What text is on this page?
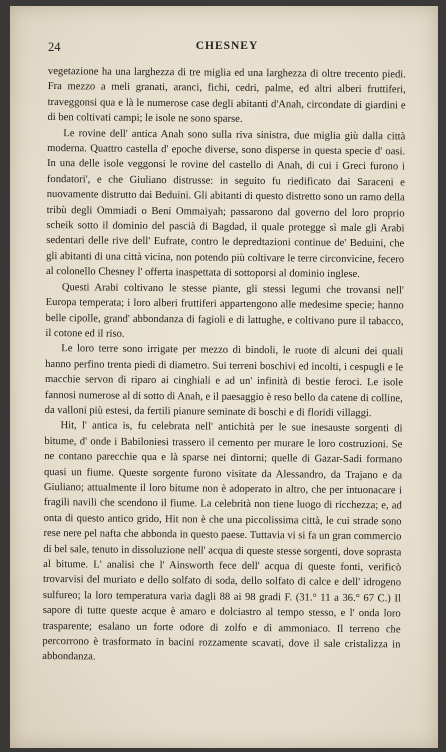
24	CHESNEY

vegetazione ha una larghezza di tre miglia ed una larghezza di oltre trecento piedi. Fra mezzo a meli granati, aranci, fichi, cedri, palme, ed altri alberi fruttiferi, traveggonsi qua e là le numerose case degli abitanti d'Anah, circondate di giardini e di ben coltivati campi; le isole ne sono sparse.

Le rovine dell' antica Anah sono sulla riva sinistra, due miglia giù dalla città moderna. Quattro castella d' epoche diverse, sono disperse in questa specie d' oasi. In una delle isole veggonsi le rovine del castello di Anah, di cui i Greci furono i fondatori', e che Giuliano distrusse: in seguito fu riedificato dai Saraceni e nuovamente distrutto dai Beduini. Gli abitanti di questo distretto sono un ramo della tribù degli Ommiadi o Beni Ommaiyah; passarono dal governo del loro proprio scheik sotto il dominio del pascià di Bagdad, il quale protegge sì male gli Arabi sedentari delle rive dell' Eufrate, contro le depredtazioni continue de' Beduini, che gli abitanti di una città vicina, non potendo più coltivare le terre circonvicine, fecero al colonello Chesney l' offerta inaspettata di sottoporsi al dominio inglese.

Questi Arabi coltivano le stesse piante, gli stessi legumi che trovansi nell' Europa temperata; i loro alberi fruttiferi appartengono alle medesime specie; hanno belle cipolle, grand' abbondanza di fagioli e di lattughe, e coltivano pure il tabacco, il cotone ed il riso.

Le loro terre sono irrigate per mezzo di bindoli, le ruote di alcuni dei quali hanno perfino trenta piedi di diametro. Sui terreni boschivi ed incolti, i cespugli e le macchie servon di riparo ai cinghiali e ad un' infinità di bestie feroci. Le isole fannosi numerose al di sotto di Anah, e il paesaggio è reso bello da catene di colline, da valloni più estesi, da fertili pianure seminate di boschi e di floridi villaggi.

Hit, l' antica is, fu celebrata nell' antichità per le sue inesauste sorgenti di bitume, d' onde i Babiloniesi trassero il cemento per murare le loro costruzioni. Se ne contano parecchie qua e là sparse nei dintorni; quelle di Gazar-Sadi formano quasi un fiume. Queste sorgente furono visitate da Alessandro, da Trajano e da Giuliano; attualmente il loro bitume non è adoperato in altro, che per intuonacare i fragili navili che scendono il fiume. La celebrità non tiene luogo di ricchezza; e, ad onta di questo antico grido, Hit non è che una piccolissima città, le cui strade sono rese nere pel nafta che abbonda in questo paese. Tuttavia vi si fa un gran commercio di bel sale, tenuto in dissoluzione nell' acqua di queste stesse sorgenti, dove soprasta al bitume. L' analisi che l' Ainsworth fece dell' acqua di queste fonti, verificò trovarvisi del muriato e dello solfato di soda, dello solfato di calce e dell' idrogeno sulfureo; la loro temperatura varia dagli 88 ai 98 gradi F. (31.° 11 a 36.° 67 C.) Il sapore di tutte queste acque è amaro e dolciastro al tempo stesso, e l' onda loro trasparente; esalano un forte odore di zolfo e di ammoniaco. Il terreno che percorrono è trasformato in bacini rozzamente scavati, dove il sale cristalizza in abbondanza.
